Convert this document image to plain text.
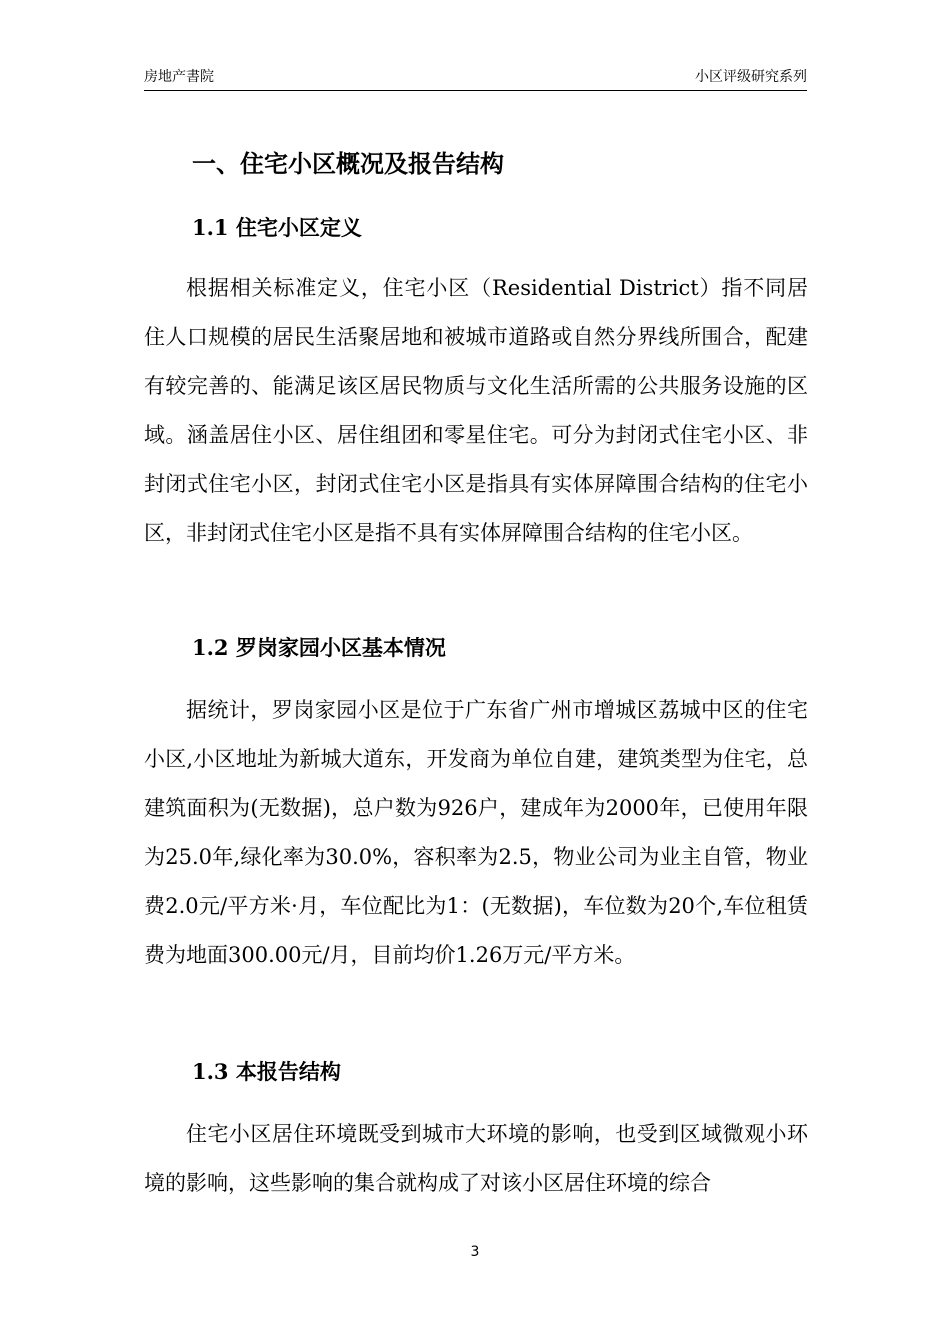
房地产書院	小区评级研究系列
一、住宅小区概况及报告结构
1.1 住宅小区定义
根据相关标准定义，住宅小区（Residential District）指不同居住人口规模的居民生活聚居地和被城市道路或自然分界线所围合，配建有较完善的、能满足该区居民物质与文化生活所需的公共服务设施的区域。涵盖居住小区、居住组团和零星住宅。可分为封闭式住宅小区、非封闭式住宅小区，封闭式住宅小区是指具有实体屏障围合结构的住宅小区，非封闭式住宅小区是指不具有实体屏障围合结构的住宅小区。
1.2 罗岗家园小区基本情况
据统计，罗岗家园小区是位于广东省广州市增城区荔城中区的住宅小区,小区地址为新城大道东，开发商为单位自建，建筑类型为住宅，总建筑面积为(无数据)，总户数为926户，建成年为2000年，已使用年限为25.0年,绿化率为30.0%，容积率为2.5，物业公司为业主自管，物业费2.0元/平方米·月，车位配比为1：(无数据)，车位数为20个,车位租赁费为地面300.00元/月，目前均价1.26万元/平方米。
1.3 本报告结构
住宅小区居住环境既受到城市大环境的影响，也受到区域微观小环境的影响，这些影响的集合就构成了对该小区居住环境的综合
3
